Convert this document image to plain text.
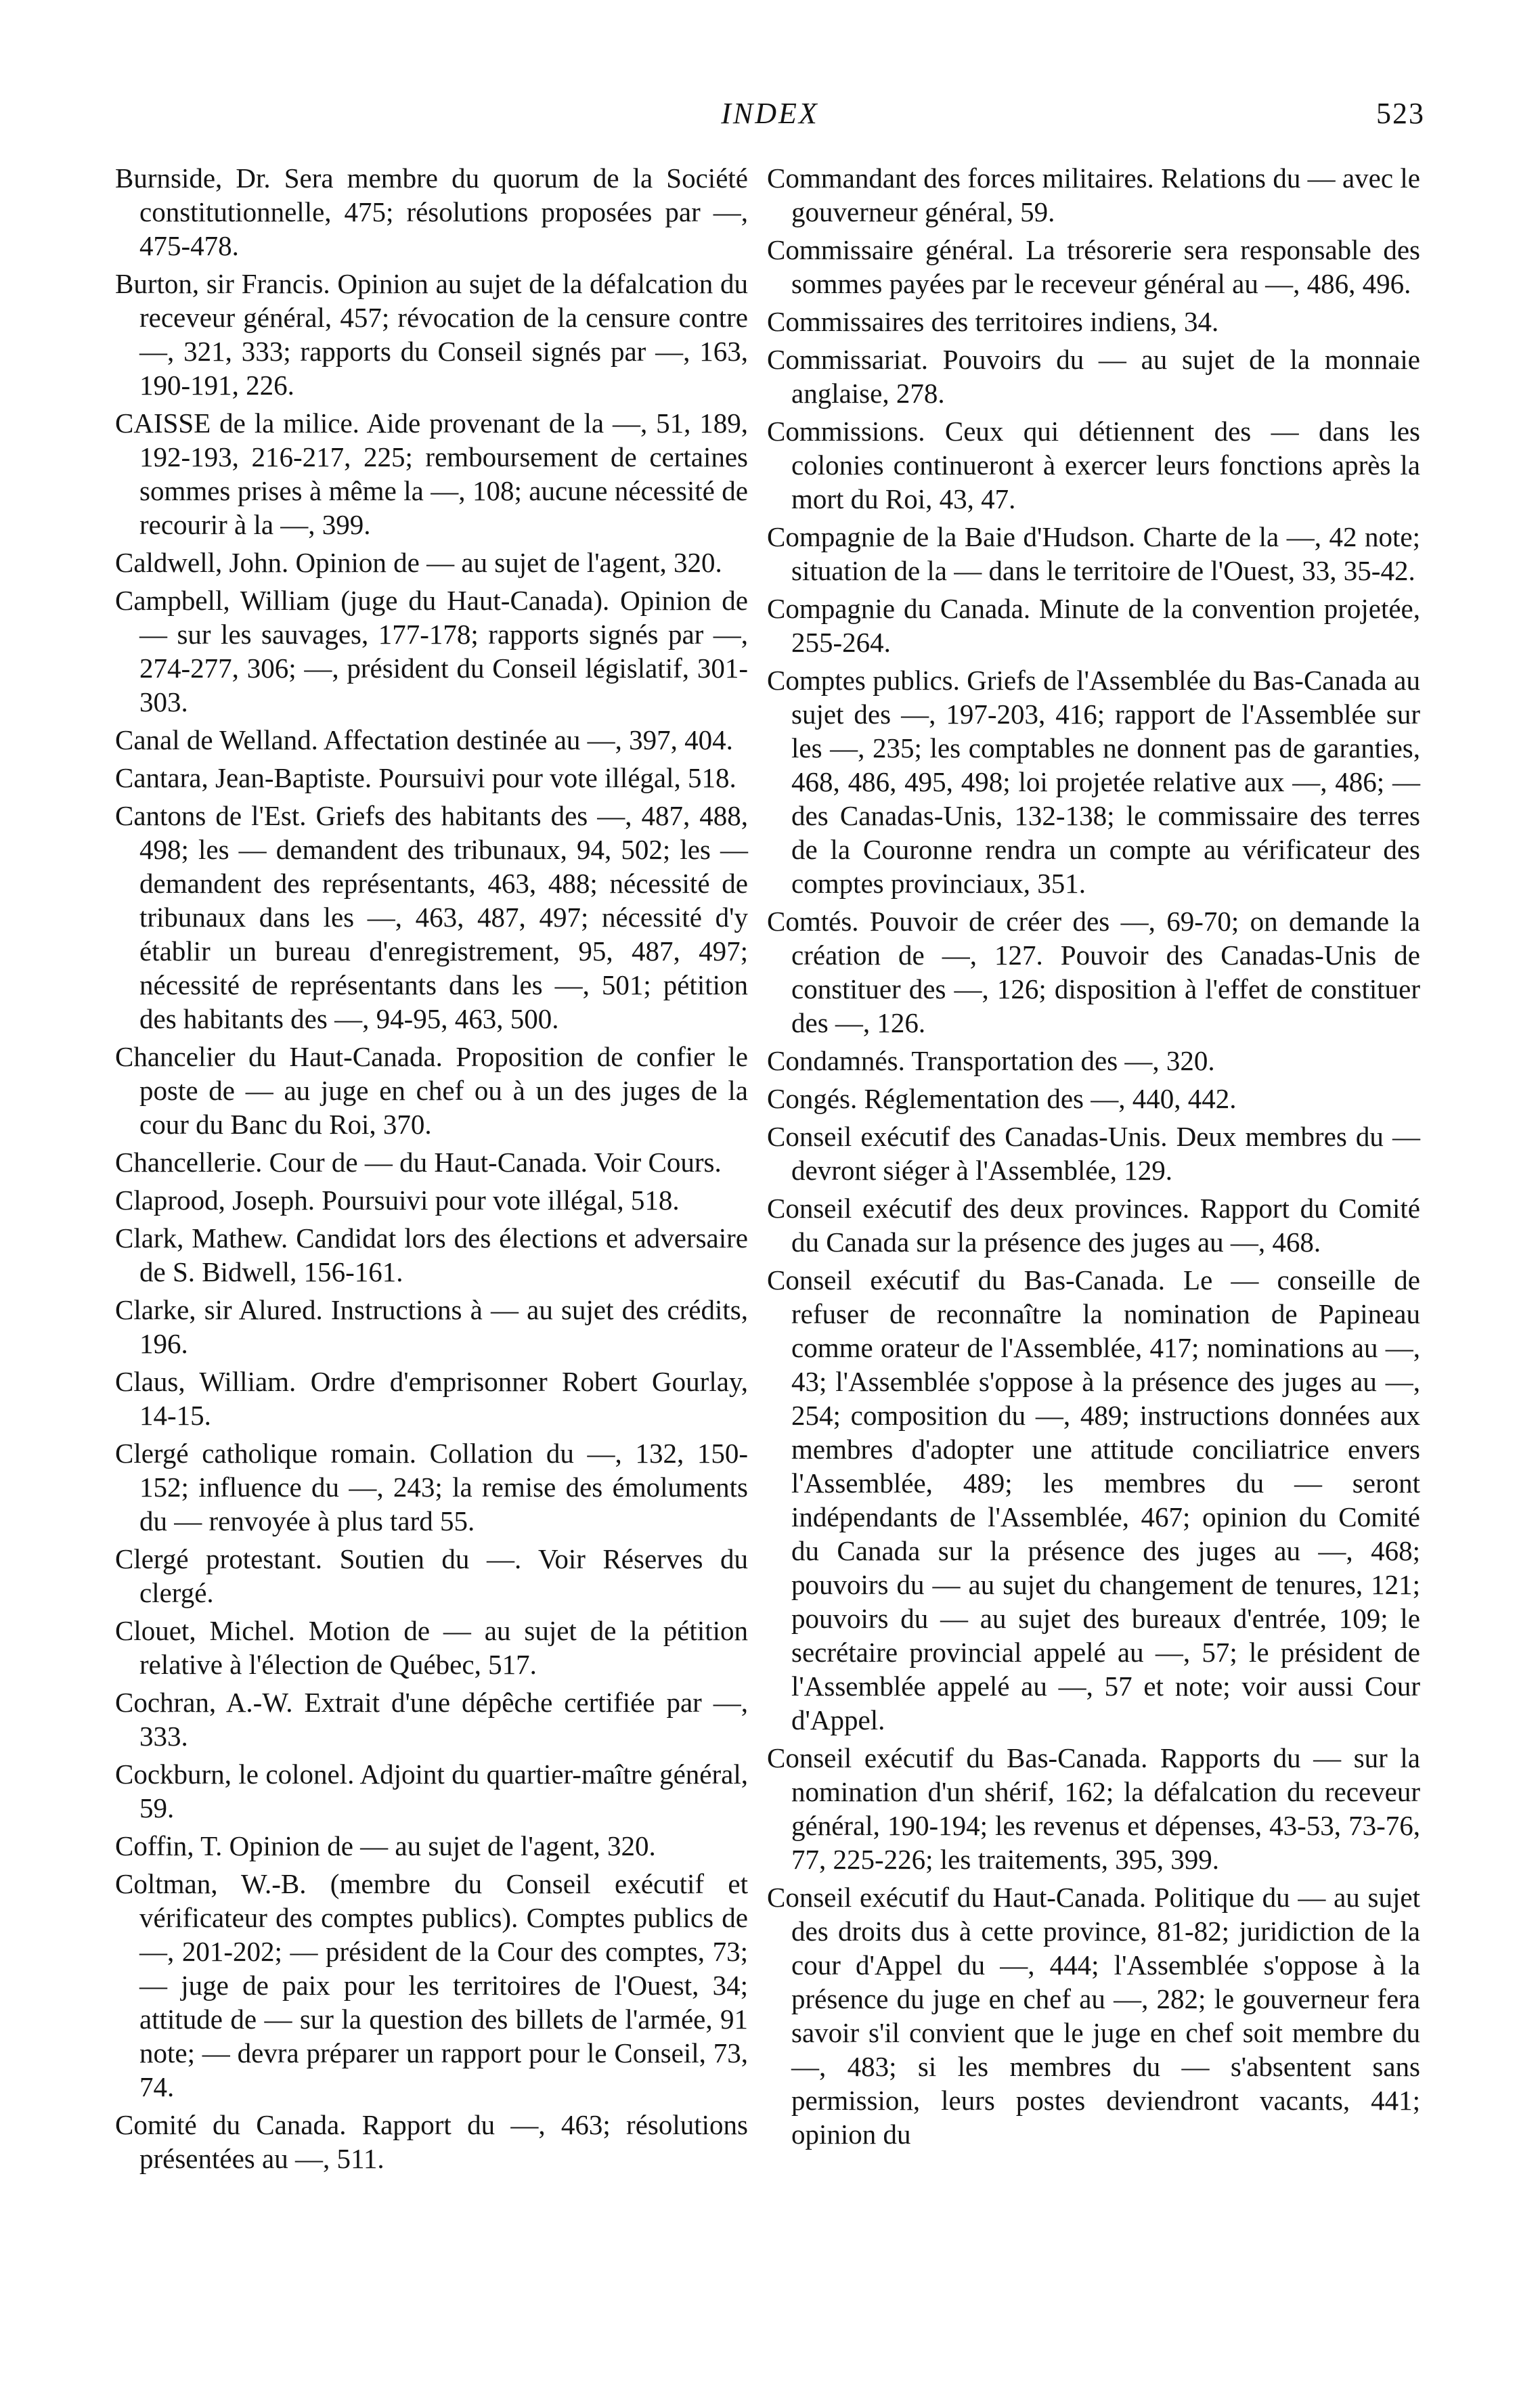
INDEX	523

Burnside, Dr. Sera membre du quorum de la Société constitutionnelle, 475; résolutions proposées par —, 475-478.

Burton, sir Francis. Opinion au sujet de la défalcation du receveur général, 457; révocation de la censure contre —, 321, 333; rapports du Conseil signés par —, 163, 190-191, 226.

CAISSE de la milice. Aide provenant de la —, 51, 189, 192-193, 216-217, 225; remboursement de certaines sommes prises à même la —, 108; aucune nécessité de recourir à la —, 399.

Caldwell, John. Opinion de — au sujet de l'agent, 320.

Campbell, William (juge du Haut-Canada). Opinion de — sur les sauvages, 177-178; rapports signés par —, 274-277, 306; —, président du Conseil législatif, 301-303.

Canal de Welland. Affectation destinée au —, 397, 404.

Cantara, Jean-Baptiste. Poursuivi pour vote illégal, 518.

Cantons de l'Est. Griefs des habitants des —, 487, 488, 498; les — demandent des tribunaux, 94, 502; les — demandent des représentants, 463, 488; nécessité de tribunaux dans les —, 463, 487, 497; nécessité d'y établir un bureau d'enregistrement, 95, 487, 497; nécessité de représentants dans les —, 501; pétition des habitants des —, 94-95, 463, 500.

Chancelier du Haut-Canada. Proposition de confier le poste de — au juge en chef ou à un des juges de la cour du Banc du Roi, 370.

Chancellerie. Cour de — du Haut-Canada. Voir Cours.

Claprood, Joseph. Poursuivi pour vote illégal, 518.

Clark, Mathew. Candidat lors des élections et adversaire de S. Bidwell, 156-161.

Clarke, sir Alured. Instructions à — au sujet des crédits, 196.

Claus, William. Ordre d'emprisonner Robert Gourlay, 14-15.

Clergé catholique romain. Collation du —, 132, 150-152; influence du —, 243; la remise des émoluments du — renvoyée à plus tard 55.

Clergé protestant. Soutien du —. Voir Réserves du clergé.

Clouet, Michel. Motion de — au sujet de la pétition relative à l'élection de Québec, 517.

Cochran, A.-W. Extrait d'une dépêche certifiée par —, 333.

Cockburn, le colonel. Adjoint du quartier-maître général, 59.

Coffin, T. Opinion de — au sujet de l'agent, 320.

Coltman, W.-B. (membre du Conseil exécutif et vérificateur des comptes publics). Comptes publics de —, 201-202; — président de la Cour des comptes, 73; — juge de paix pour les territoires de l'Ouest, 34; attitude de — sur la question des billets de l'armée, 91 note; — devra préparer un rapport pour le Conseil, 73, 74.

Comité du Canada. Rapport du —, 463; résolutions présentées au —, 511.

Commandant des forces militaires. Relations du — avec le gouverneur général, 59.

Commissaire général. La trésorerie sera responsable des sommes payées par le receveur général au —, 486, 496.

Commissaires des territoires indiens, 34.

Commissariat. Pouvoirs du — au sujet de la monnaie anglaise, 278.

Commissions. Ceux qui détiennent des — dans les colonies continueront à exercer leurs fonctions après la mort du Roi, 43, 47.

Compagnie de la Baie d'Hudson. Charte de la —, 42 note; situation de la — dans le territoire de l'Ouest, 33, 35-42.

Compagnie du Canada. Minute de la convention projetée, 255-264.

Comptes publics. Griefs de l'Assemblée du Bas-Canada au sujet des —, 197-203, 416; rapport de l'Assemblée sur les —, 235; les comptables ne donnent pas de garanties, 468, 486, 495, 498; loi projetée relative aux —, 486; — des Canadas-Unis, 132-138; le commissaire des terres de la Couronne rendra un compte au vérificateur des comptes provinciaux, 351.

Comtés. Pouvoir de créer des —, 69-70; on demande la création de —, 127. Pouvoir des Canadas-Unis de constituer des —, 126; disposition à l'effet de constituer des —, 126.

Condamnés. Transportation des —, 320.

Congés. Réglementation des —, 440, 442.

Conseil exécutif des Canadas-Unis. Deux membres du — devront siéger à l'Assemblée, 129.

Conseil exécutif des deux provinces. Rapport du Comité du Canada sur la présence des juges au —, 468.

Conseil exécutif du Bas-Canada. Le — conseille de refuser de reconnaître la nomination de Papineau comme orateur de l'Assemblée, 417; nominations au —, 43; l'Assemblée s'oppose à la présence des juges au —, 254; composition du —, 489; instructions données aux membres d'adopter une attitude conciliatrice envers l'Assemblée, 489; les membres du — seront indépendants de l'Assemblée, 467; opinion du Comité du Canada sur la présence des juges au —, 468; pouvoirs du — au sujet du changement de tenures, 121; pouvoirs du — au sujet des bureaux d'entrée, 109; le secrétaire provincial appelé au —, 57; le président de l'Assemblée appelé au —, 57 et note; voir aussi Cour d'Appel.

Conseil exécutif du Bas-Canada. Rapports du — sur la nomination d'un shérif, 162; la défalcation du receveur général, 190-194; les revenus et dépenses, 43-53, 73-76, 77, 225-226; les traitements, 395, 399.

Conseil exécutif du Haut-Canada. Politique du — au sujet des droits dus à cette province, 81-82; juridiction de la cour d'Appel du —, 444; l'Assemblée s'oppose à la présence du juge en chef au —, 282; le gouverneur fera savoir s'il convient que le juge en chef soit membre du —, 483; si les membres du — s'absentent sans permission, leurs postes deviendront vacants, 441; opinion du
